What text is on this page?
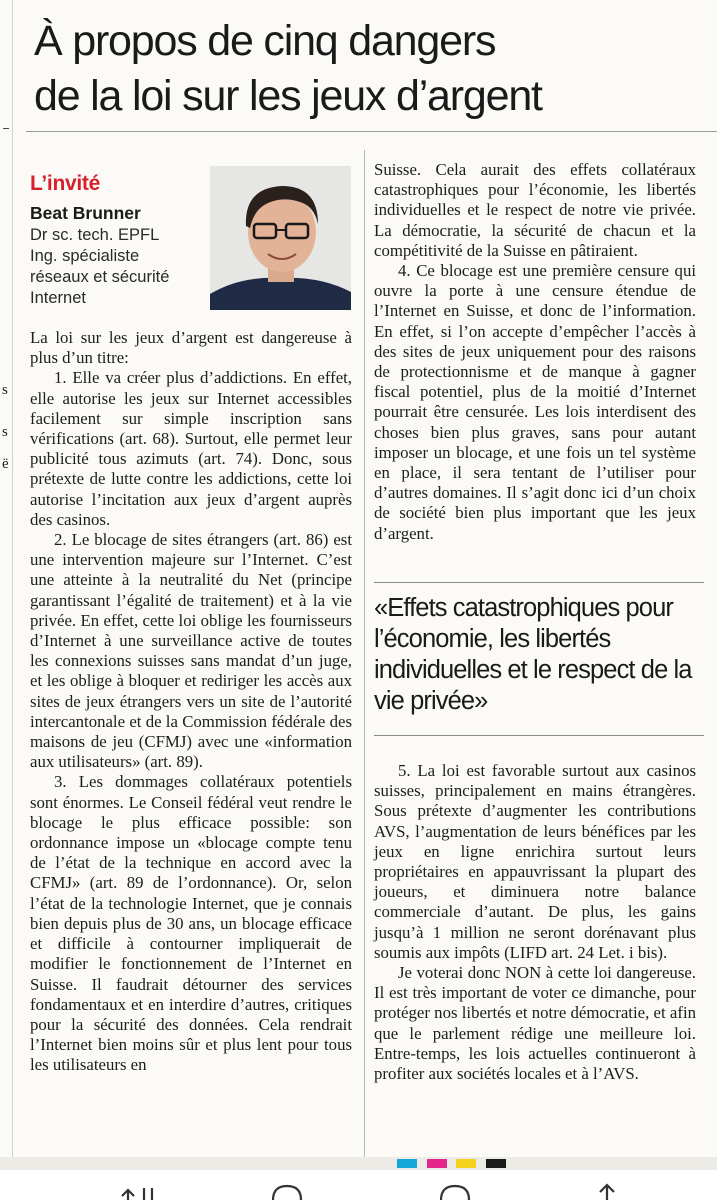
s
s
ë
À propos de cinq dangers
de la loi sur les jeux d’argent
L’invité
Beat Brunner
Dr sc. tech. EPFL
Ing. spécialiste
réseaux et sécurité
Internet

La loi sur les jeux d’argent est dangereuse à plus d’un titre:

1. Elle va créer plus d’addictions. En effet, elle autorise les jeux sur Internet accessibles facilement sur simple inscription sans vérifications (art. 68). Surtout, elle permet leur publicité tous azimuts (art. 74). Donc, sous prétexte de lutte contre les addictions, cette loi autorise l’incitation aux jeux d’argent auprès des casinos.

2. Le blocage de sites étrangers (art. 86) est une intervention majeure sur l’Internet. C’est une atteinte à la neutralité du Net (principe garantissant l’égalité de traitement) et à la vie privée. En effet, cette loi oblige les fournisseurs d’Internet à une surveillance active de toutes les connexions suisses sans mandat d’un juge, et les oblige à bloquer et rediriger les accès aux sites de jeux étrangers vers un site de l’autorité intercantonale et de la Commission fédérale des maisons de jeu (CFMJ) avec une «information aux utilisateurs» (art. 89).

3. Les dommages collatéraux potentiels sont énormes. Le Conseil fédéral veut rendre le blocage le plus efficace possible: son ordonnance impose un «blocage compte tenu de l’état de la technique en accord avec la CFMJ» (art. 89 de l’ordonnance). Or, selon l’état de la technologie Internet, que je connais bien depuis plus de 30 ans, un blocage efficace et difficile à contourner impliquerait de modifier le fonctionnement de l’Internet en Suisse. Il faudrait détourner des services fondamentaux et en interdire d’autres, critiques pour la sécurité des données. Cela rendrait l’Internet bien moins sûr et plus lent pour tous les utilisateurs en

Suisse. Cela aurait des effets collatéraux catastrophiques pour l’économie, les libertés individuelles et le respect de notre vie privée. La démocratie, la sécurité de chacun et la compétitivité de la Suisse en pâtiraient.

4. Ce blocage est une première censure qui ouvre la porte à une censure étendue de l’Internet en Suisse, et donc de l’information. En effet, si l’on accepte d’empêcher l’accès à des sites de jeux uniquement pour des raisons de protectionnisme et de manque à gagner fiscal potentiel, plus de la moitié d’Internet pourrait être censurée. Les lois interdisent des choses bien plus graves, sans pour autant imposer un blocage, et une fois un tel système en place, il sera tentant de l’utiliser pour d’autres domaines. Il s’agit donc ici d’un choix de société bien plus important que les jeux d’argent.

«Effets catastrophiques pour l’économie, les libertés individuelles et le respect de la vie privée»

5. La loi est favorable surtout aux casinos suisses, principalement en mains étrangères. Sous prétexte d’augmenter les contributions AVS, l’augmentation de leurs bénéfices par les jeux en ligne enrichira surtout leurs propriétaires en appauvrissant la plupart des joueurs, et diminuera notre balance commerciale d’autant. De plus, les gains jusqu’à 1 million ne seront dorénavant plus soumis aux impôts (LIFD art. 24 Let. i bis).

Je voterai donc NON à cette loi dangereuse. Il est très important de voter ce dimanche, pour protéger nos libertés et notre démocratie, et afin que le parlement rédige une meilleure loi. Entre-temps, les lois actuelles continueront à profiter aux sociétés locales et à l’AVS.
